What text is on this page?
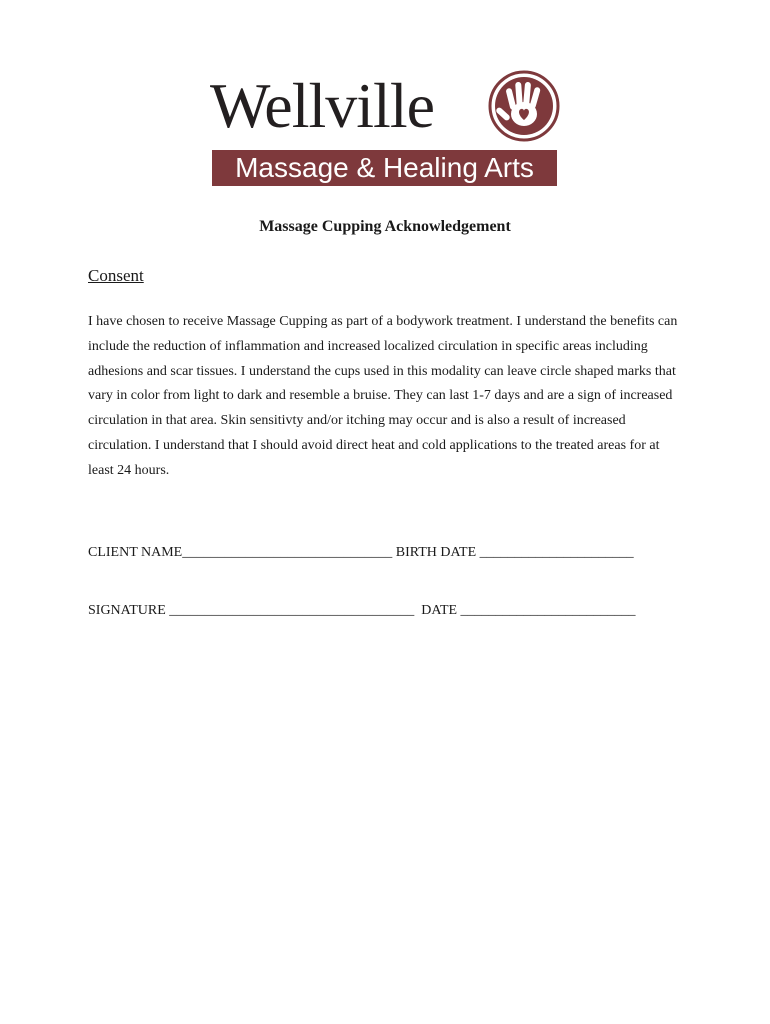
Wellville
Massage & Healing Arts
Massage Cupping Acknowledgement
Consent

I have chosen to receive Massage Cupping as part of a bodywork treatment. I understand the benefits can include the reduction of inflammation and increased localized circulation in specific areas including adhesions and scar tissues. I understand the cups used in this modality can leave circle shaped marks that vary in color from light to dark and resemble a bruise. They can last 1-7 days and are a sign of increased circulation in that area. Skin sensitivty and/or itching may occur and is also a result of increased circulation. I understand that I should avoid direct heat and cold applications to the treated areas for at least 24 hours.

CLIENT NAME______________________________ BIRTH DATE ______________________
SIGNATURE ___________________________________  DATE _________________________
